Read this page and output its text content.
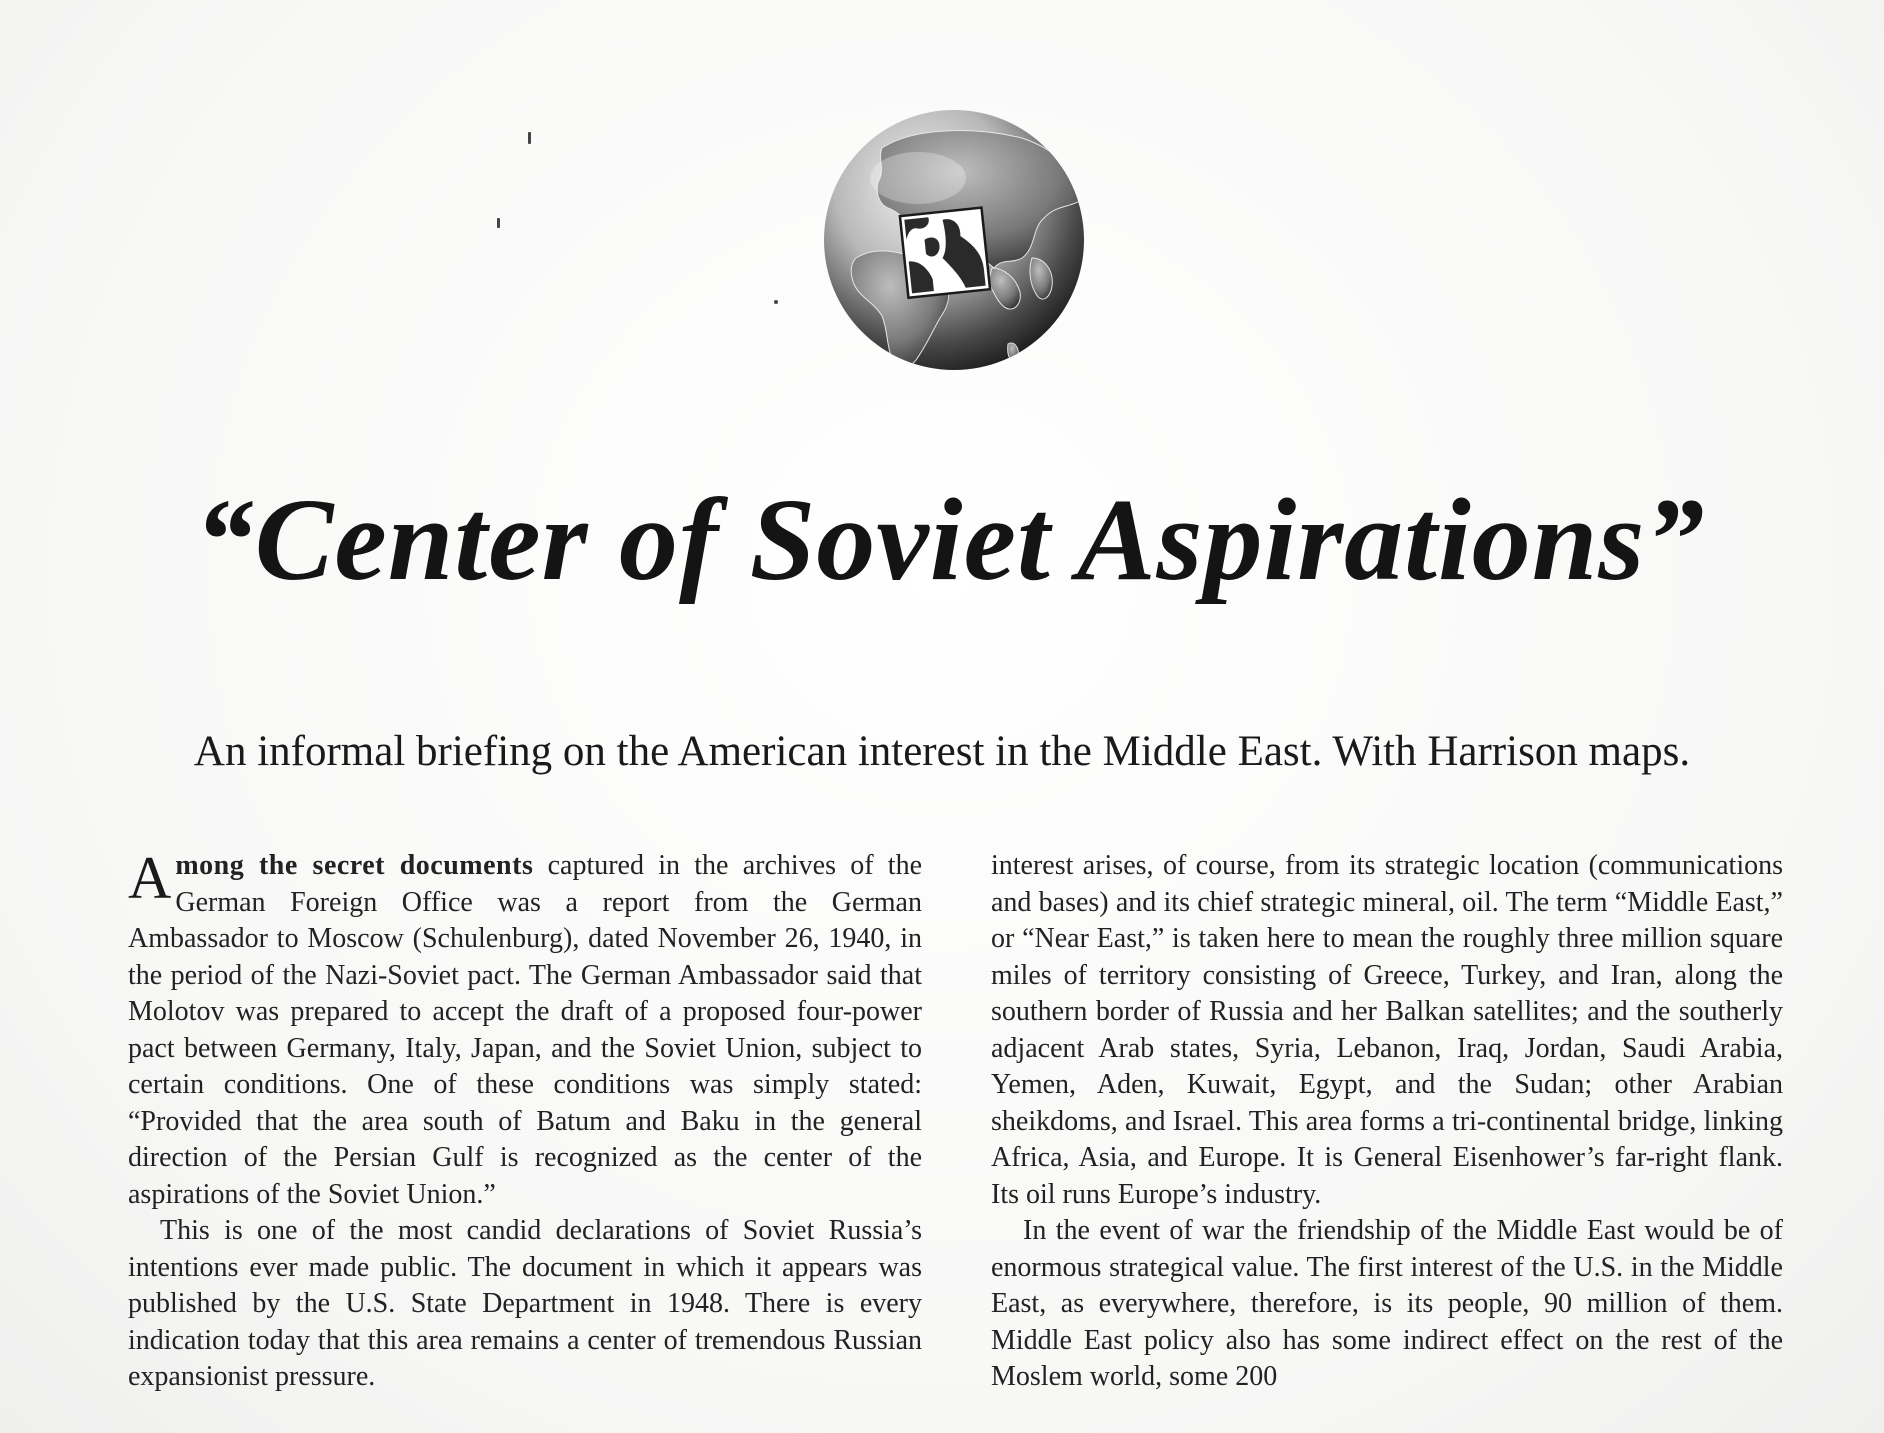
“Center of Soviet Aspirations”
An informal briefing on the American interest in the Middle East. With Harrison maps.

Among the secret documents captured in the archives of the German Foreign Office was a report from the German Ambassador to Moscow (Schulenburg), dated November 26, 1940, in the period of the Nazi-Soviet pact. The German Ambassador said that Molotov was prepared to accept the draft of a proposed four-power pact between Germany, Italy, Japan, and the Soviet Union, subject to certain conditions. One of these conditions was simply stated: “Provided that the area south of Batum and Baku in the general direction of the Persian Gulf is recognized as the center of the aspirations of the Soviet Union.”

This is one of the most candid declarations of Soviet Russia’s intentions ever made public. The document in which it appears was published by the U.S. State Department in 1948. There is every indication today that this area remains a center of tremendous Russian expansionist pressure.

interest arises, of course, from its strategic location (communications and bases) and its chief strategic mineral, oil. The term “Middle East,” or “Near East,” is taken here to mean the roughly three million square miles of territory consisting of Greece, Turkey, and Iran, along the southern border of Russia and her Balkan satellites; and the southerly adjacent Arab states, Syria, Lebanon, Iraq, Jordan, Saudi Arabia, Yemen, Aden, Kuwait, Egypt, and the Sudan; other Arabian sheikdoms, and Israel. This area forms a tri-continental bridge, linking Africa, Asia, and Europe. It is General Eisenhower’s far-right flank. Its oil runs Europe’s industry.

In the event of war the friendship of the Middle East would be of enormous strategical value. The first interest of the U.S. in the Middle East, as everywhere, therefore, is its people, 90 million of them. Middle East policy also has some indirect effect on the rest of the Moslem world, some 200
